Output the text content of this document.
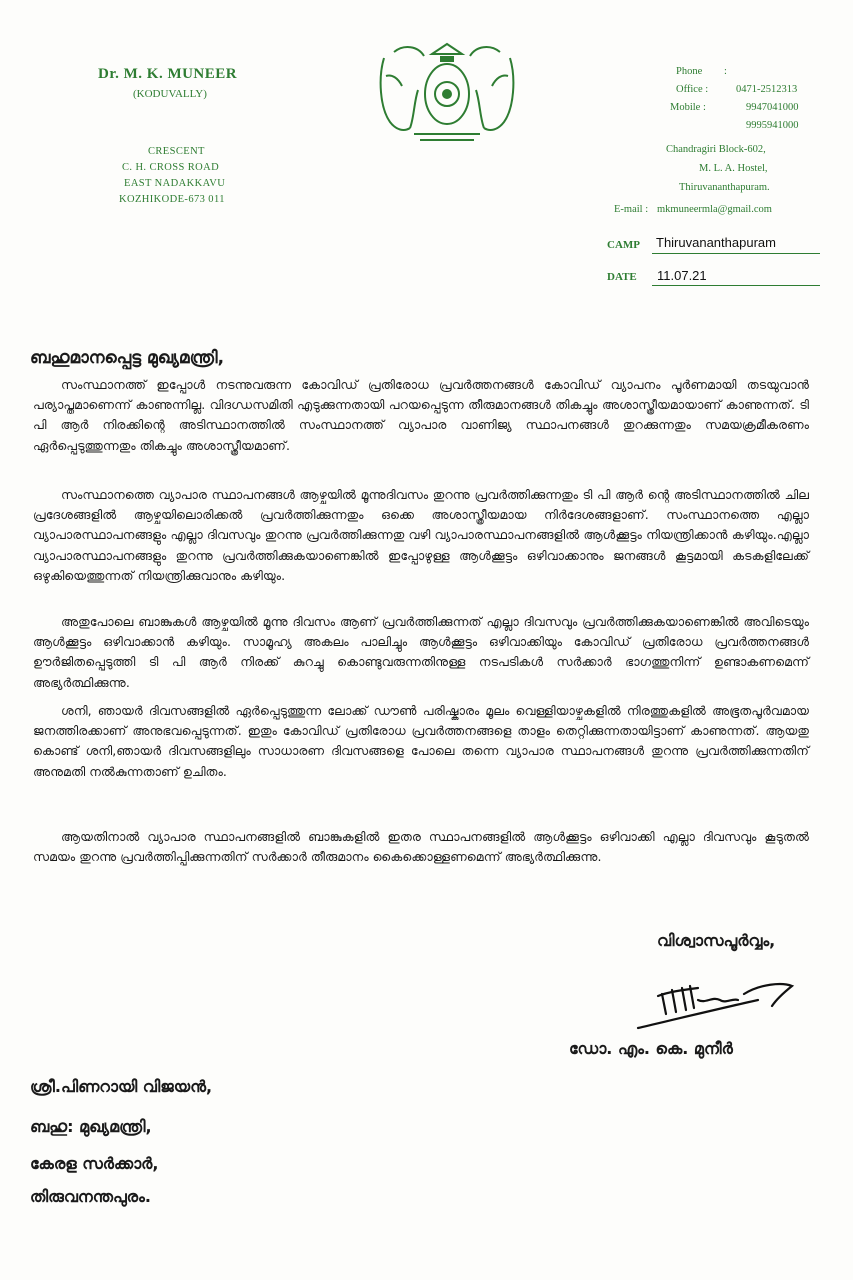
Dr. M. K. MUNEER
(KODUVALLY)
CRESCENT
C. H. CROSS ROAD
EAST NADAKKAVU
KOZHIKODE-673 011
Phone :
Office :	0471-2512313
Mobile :	9947041000
9995941000
Chandragiri Block-602,
M. L. A. Hostel,
Thiruvananthapuram.
E-mail : mkmuneermla@gmail.com
CAMP Thiruvananthapuram
DATE 11.07.21
ബഹുമാനപ്പെട്ട മുഖ്യമന്ത്രി,

സംസ്ഥാനത്ത് ഇപ്പോൾ നടന്നുവരുന്ന കോവിഡ് പ്രതിരോധ പ്രവർത്തനങ്ങൾ കോവിഡ് വ്യാപനം പൂർണമായി തടയുവാൻ പര്യാപ്തമാണെന്ന് കാണുന്നില്ല. വിദഗ്ധസമിതി എടുക്കുന്നതായി പറയപ്പെടുന്ന തീരുമാനങ്ങൾ തികച്ചും അശാസ്ത്രീയമായാണ് കാണുന്നത്. ടി പി ആർ നിരക്കിന്റെ അടിസ്ഥാനത്തിൽ സംസ്ഥാനത്ത് വ്യാപാര വാണിജ്യ സ്ഥാപനങ്ങൾ തുറക്കുന്നതും സമയക്രമീകരണം ഏർപ്പെടുത്തുന്നതും തികച്ചും അശാസ്ത്രീയമാണ്.

സംസ്ഥാനത്തെ വ്യാപാര സ്ഥാപനങ്ങൾ ആഴ്ചയിൽ മൂന്നുദിവസം തുറന്നു പ്രവർത്തിക്കുന്നതും ടി പി ആർ ന്റെ അടിസ്ഥാനത്തിൽ ചില പ്രദേശങ്ങളിൽ ആഴ്ചയിലൊരിക്കൽ പ്രവർത്തിക്കുന്നതും ഒക്കെ അശാസ്ത്രീയമായ നിർദേശങ്ങളാണ്. സംസ്ഥാനത്തെ എല്ലാ വ്യാപാരസ്ഥാപനങ്ങളും എല്ലാ ദിവസവും തുറന്നു പ്രവർത്തിക്കുന്നതു വഴി വ്യാപാരസ്ഥാപനങ്ങളിൽ ആൾക്കൂട്ടം നിയന്ത്രിക്കാൻ കഴിയും.എല്ലാ വ്യാപാരസ്ഥാപനങ്ങളും തുറന്നു പ്രവർത്തിക്കുകയാണെങ്കിൽ ഇപ്പോഴുള്ള ആൾക്കൂട്ടം ഒഴിവാക്കാനും ജനങ്ങൾ കൂട്ടമായി കടകളിലേക്ക് ഒഴുകിയെത്തുന്നത് നിയന്ത്രിക്കുവാനും കഴിയും.

അതുപോലെ ബാങ്കുകൾ ആഴ്ചയിൽ മൂന്നു ദിവസം ആണ് പ്രവർത്തിക്കുന്നത് എല്ലാ ദിവസവും പ്രവർത്തിക്കുകയാണെങ്കിൽ അവിടെയും ആൾക്കൂട്ടം ഒഴിവാക്കാൻ കഴിയും. സാമൂഹ്യ അകലം പാലിച്ചും ആൾക്കൂട്ടം ഒഴിവാക്കിയും കോവിഡ് പ്രതിരോധ പ്രവർത്തനങ്ങൾ ഊർജിതപ്പെടുത്തി ടി പി ആർ നിരക്ക് കുറച്ചു കൊണ്ടുവരുന്നതിനുള്ള നടപടികൾ സർക്കാർ ഭാഗത്തുനിന്ന് ഉണ്ടാകണമെന്ന് അഭ്യർത്ഥിക്കുന്നു.

ശനി, ഞായർ ദിവസങ്ങളിൽ ഏർപ്പെടുത്തുന്ന ലോക്ക് ഡൗൺ പരിഷ്കാരം മൂലം വെള്ളിയാഴ്ചകളിൽ നിരത്തുകളിൽ അഭൂതപൂർവമായ ജനത്തിരക്കാണ് അനുഭവപ്പെടുന്നത്. ഇതും കോവിഡ് പ്രതിരോധ പ്രവർത്തനങ്ങളെ താളം തെറ്റിക്കുന്നതായിട്ടാണ് കാണുന്നത്. ആയതു കൊണ്ട് ശനി,ഞായർ ദിവസങ്ങളിലും സാധാരണ ദിവസങ്ങളെ പോലെ തന്നെ വ്യാപാര സ്ഥാപനങ്ങൾ തുറന്നു പ്രവർത്തിക്കുന്നതിന് അനുമതി നൽകുന്നതാണ് ഉചിതം.

ആയതിനാൽ വ്യാപാര സ്ഥാപനങ്ങളിൽ ബാങ്കുകളിൽ ഇതര സ്ഥാപനങ്ങളിൽ ആൾക്കൂട്ടം ഒഴിവാക്കി എല്ലാ ദിവസവും കൂടുതൽ സമയം തുറന്നു പ്രവർത്തിപ്പിക്കുന്നതിന് സർക്കാർ തീരുമാനം കൈക്കൊള്ളണമെന്ന് അഭ്യർത്ഥിക്കുന്നു.

വിശ്വാസപൂർവ്വം,
ഡോ. എം. കെ. മുനീർ
ശ്രീ.പിണറായി വിജയൻ,
ബഹു: മുഖ്യമന്ത്രി,
കേരള സർക്കാർ,
തിരുവനന്തപുരം.
